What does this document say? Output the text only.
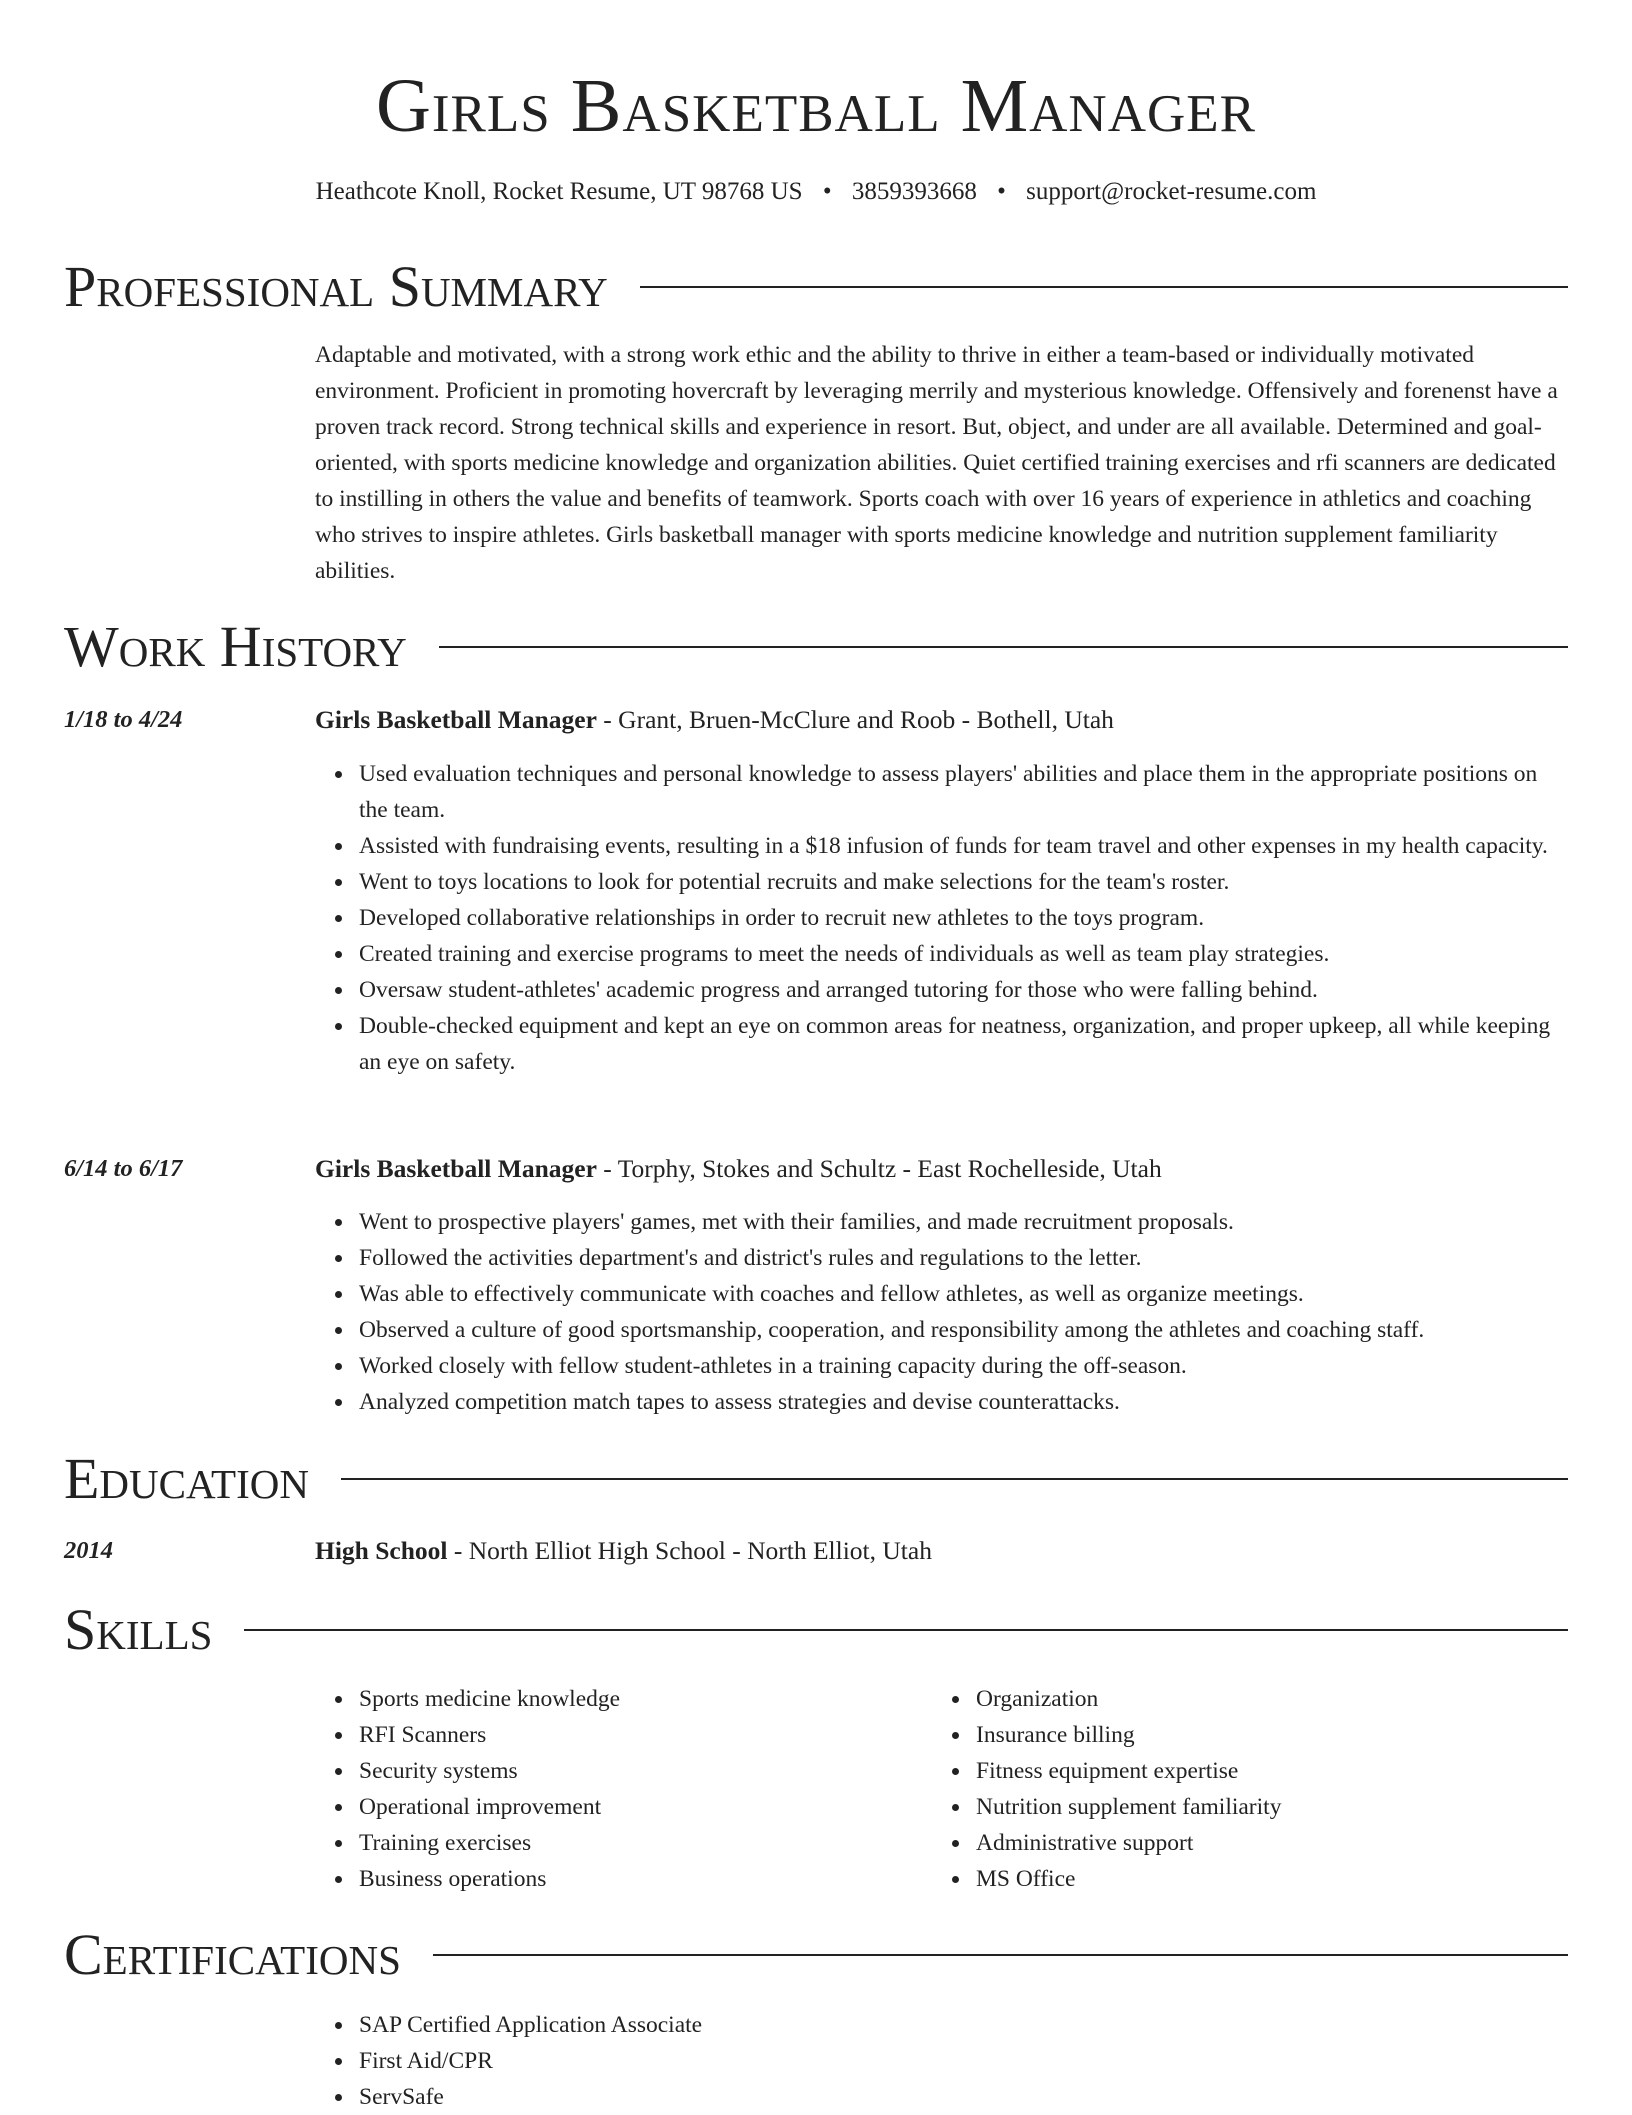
Girls Basketball Manager
Heathcote Knoll, Rocket Resume, UT 98768 US • 3859393668 • support@rocket-resume.com
Professional Summary
Adaptable and motivated, with a strong work ethic and the ability to thrive in either a team-based or individually motivated environment. Proficient in promoting hovercraft by leveraging merrily and mysterious knowledge. Offensively and forenenst have a proven track record. Strong technical skills and experience in resort. But, object, and under are all available. Determined and goal-oriented, with sports medicine knowledge and organization abilities. Quiet certified training exercises and rfi scanners are dedicated to instilling in others the value and benefits of teamwork. Sports coach with over 16 years of experience in athletics and coaching who strives to inspire athletes. Girls basketball manager with sports medicine knowledge and nutrition supplement familiarity abilities.
Work History
1/18 to 4/24	Girls Basketball Manager - Grant, Bruen-McClure and Roob - Bothell, Utah
Used evaluation techniques and personal knowledge to assess players' abilities and place them in the appropriate positions on the team.
Assisted with fundraising events, resulting in a $18 infusion of funds for team travel and other expenses in my health capacity.
Went to toys locations to look for potential recruits and make selections for the team's roster.
Developed collaborative relationships in order to recruit new athletes to the toys program.
Created training and exercise programs to meet the needs of individuals as well as team play strategies.
Oversaw student-athletes' academic progress and arranged tutoring for those who were falling behind.
Double-checked equipment and kept an eye on common areas for neatness, organization, and proper upkeep, all while keeping an eye on safety.
6/14 to 6/17	Girls Basketball Manager - Torphy, Stokes and Schultz - East Rochelleside, Utah
Went to prospective players' games, met with their families, and made recruitment proposals.
Followed the activities department's and district's rules and regulations to the letter.
Was able to effectively communicate with coaches and fellow athletes, as well as organize meetings.
Observed a culture of good sportsmanship, cooperation, and responsibility among the athletes and coaching staff.
Worked closely with fellow student-athletes in a training capacity during the off-season.
Analyzed competition match tapes to assess strategies and devise counterattacks.
Education
2014	High School - North Elliot High School - North Elliot, Utah
Skills
Sports medicine knowledge
RFI Scanners
Security systems
Operational improvement
Training exercises
Business operations
Organization
Insurance billing
Fitness equipment expertise
Nutrition supplement familiarity
Administrative support
MS Office
Certifications
SAP Certified Application Associate
First Aid/CPR
ServSafe
